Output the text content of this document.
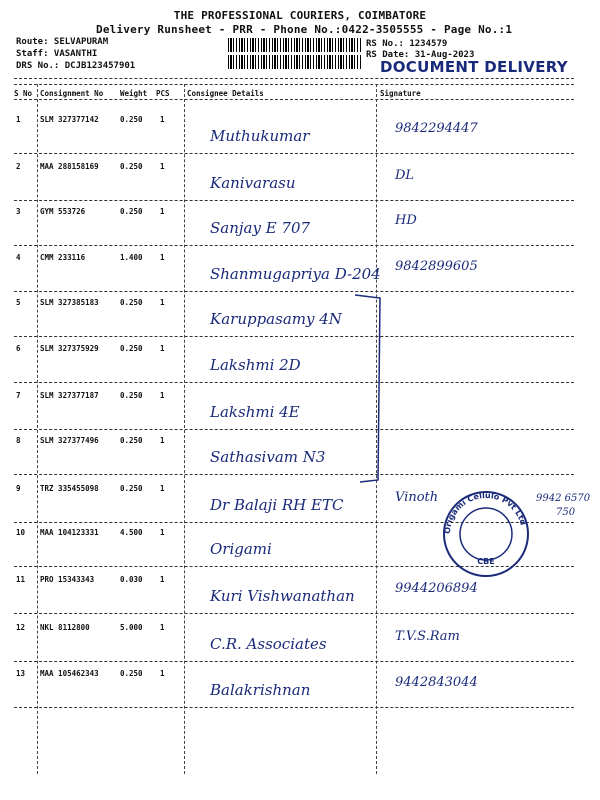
THE PROFESSIONAL COURIERS, COIMBATORE
Delivery Runsheet - PRR - Phone No.:0422-3505555 - Page No.:1
Route: SELVAPURAM
Staff: VASANTHI
DRS No.: DCJB123457901
RS No.: 1234579
RS Date: 31-Aug-2023
DOCUMENT DELIVERY
S No Consignment No Weight PCS Consignee Details	Signature
1	SLM 327377142	0.250 1
Muthukumar	9842294447
2	MAA 288158169	0.250 1
Kanivarasu	DL
3	GYM 553726	0.250 1
Sanjay E 707	HD
4	CMM 233116	1.400 1
Shanmugapriya D-204 9842899605
5	SLM 327385183	0.250 1
Karuppasamy 4N
6	SLM 327375929	0.250 1
Lakshmi 2D
7	SLM 327377187	0.250 1
Lakshmi 4E
8	SLM 327377496	0.250 1
Sathasivam N3
9	TRZ 335455098	0.250 1
Dr Balaji RH ETC	Vinoth
10 MAA 104123331	4.500 1
Origami
11 PRO 15343343	0.030 1
Kuri Vishwanathan	9944206894
12 NKL 8112800	5.000 1
C.R. Associates	T.V.S.Ram
13 MAA 105462343	0.250 1
Balakrishnan	9442843044
Origami Cellulo Pvt Ltd
CBE
9942 6570
750
